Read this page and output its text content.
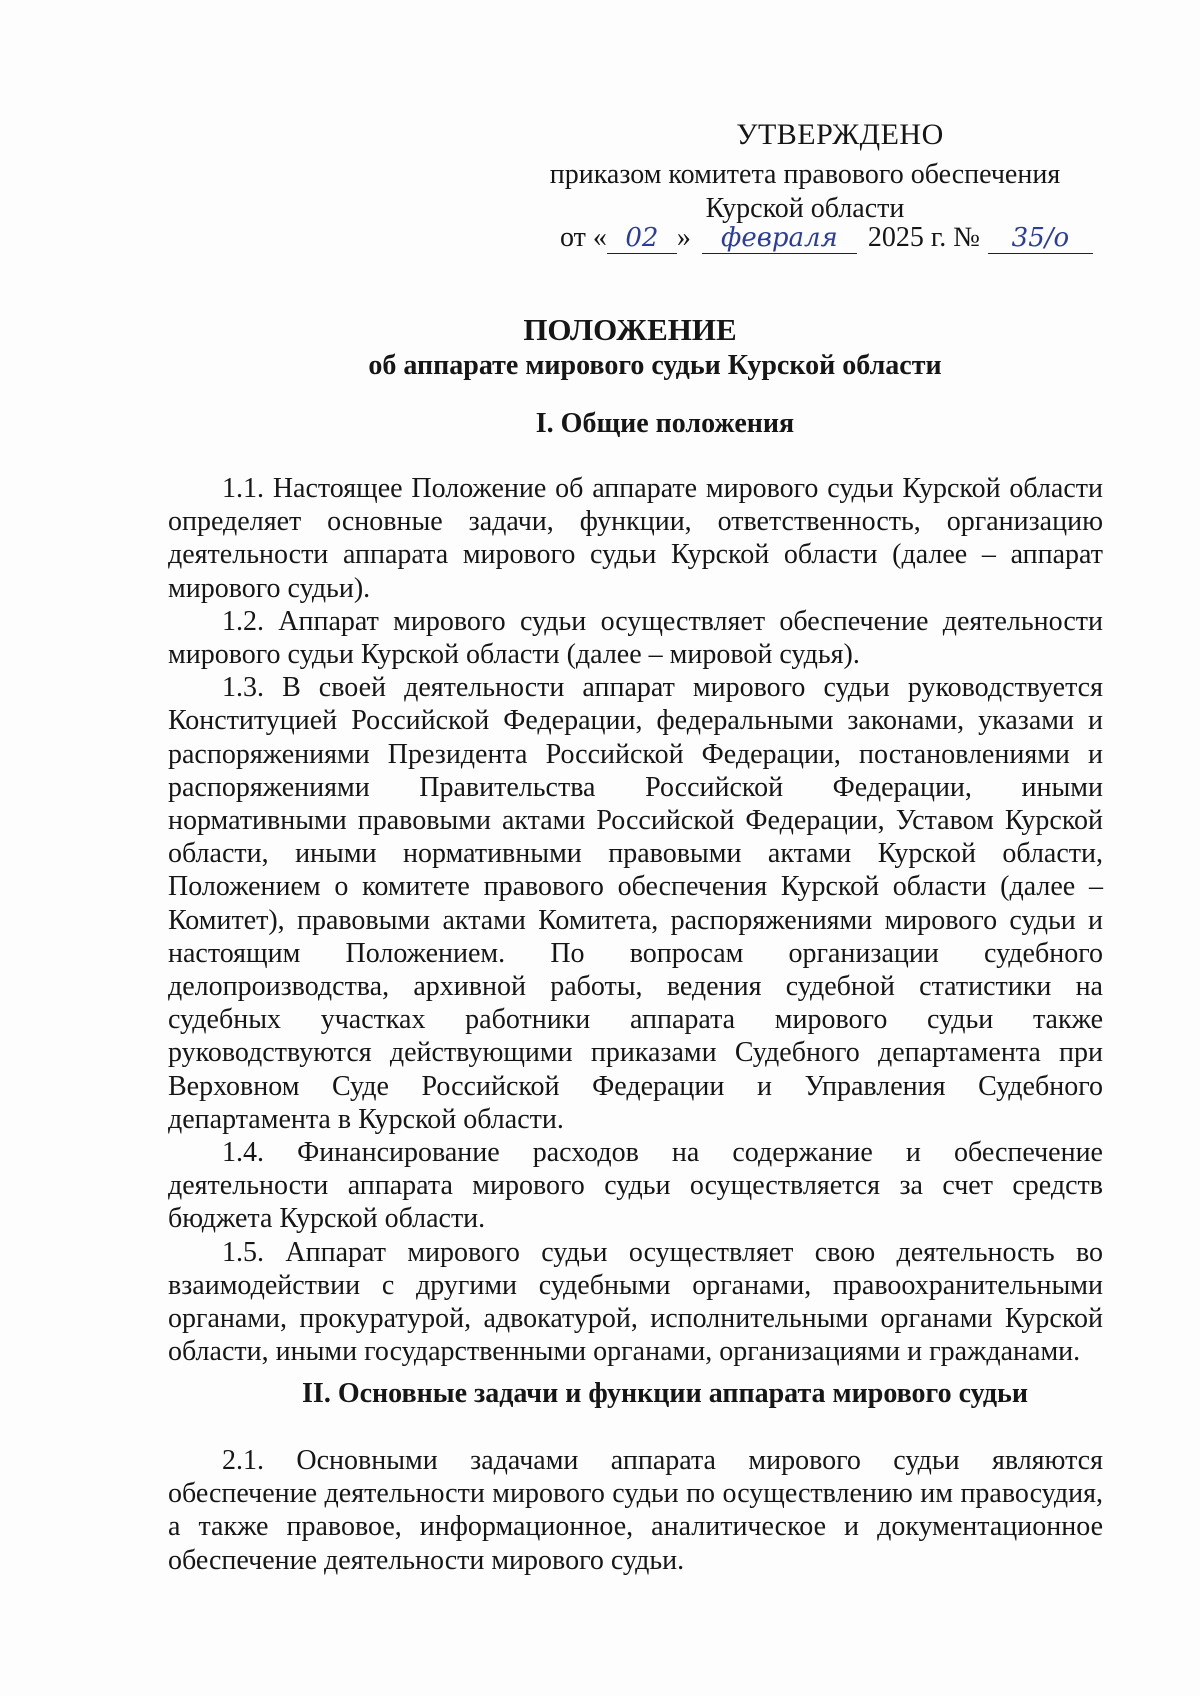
УТВЕРЖДЕНО
приказом комитета правового обеспечения
Курской области
от « 02 » февраля 2025 г. № 35/о
ПОЛОЖЕНИЕ
об аппарате мирового судьи Курской области
I. Общие положения

1.1. Настоящее Положение об аппарате мирового судьи Курской области определяет основные задачи, функции, ответственность, организацию деятельности аппарата мирового судьи Курской области (далее – аппарат мирового судьи).

1.2. Аппарат мирового судьи осуществляет обеспечение деятельности мирового судьи Курской области (далее – мировой судья).

1.3. В своей деятельности аппарат мирового судьи руководствуется Конституцией Российской Федерации, федеральными законами, указами и распоряжениями Президента Российской Федерации, постановлениями и распоряжениями Правительства Российской Федерации, иными нормативными правовыми актами Российской Федерации, Уставом Курской области, иными нормативными правовыми актами Курской области, Положением о комитете правового обеспечения Курской области (далее – Комитет), правовыми актами Комитета, распоряжениями мирового судьи и настоящим Положением. По вопросам организации судебного делопроизводства, архивной работы, ведения судебной статистики на судебных участках работники аппарата мирового судьи также руководствуются действующими приказами Судебного департамента при Верховном Суде Российской Федерации и Управления Судебного департамента в Курской области.

1.4. Финансирование расходов на содержание и обеспечение деятельности аппарата мирового судьи осуществляется за счет средств бюджета Курской области.

1.5. Аппарат мирового судьи осуществляет свою деятельность во взаимодействии с другими судебными органами, правоохранительными органами, прокуратурой, адвокатурой, исполнительными органами Курской области, иными государственными органами, организациями и гражданами.

II. Основные задачи и функции аппарата мирового судьи

2.1. Основными задачами аппарата мирового судьи являются обеспечение деятельности мирового судьи по осуществлению им правосудия, а также правовое, информационное, аналитическое и документационное обеспечение деятельности мирового судьи.
